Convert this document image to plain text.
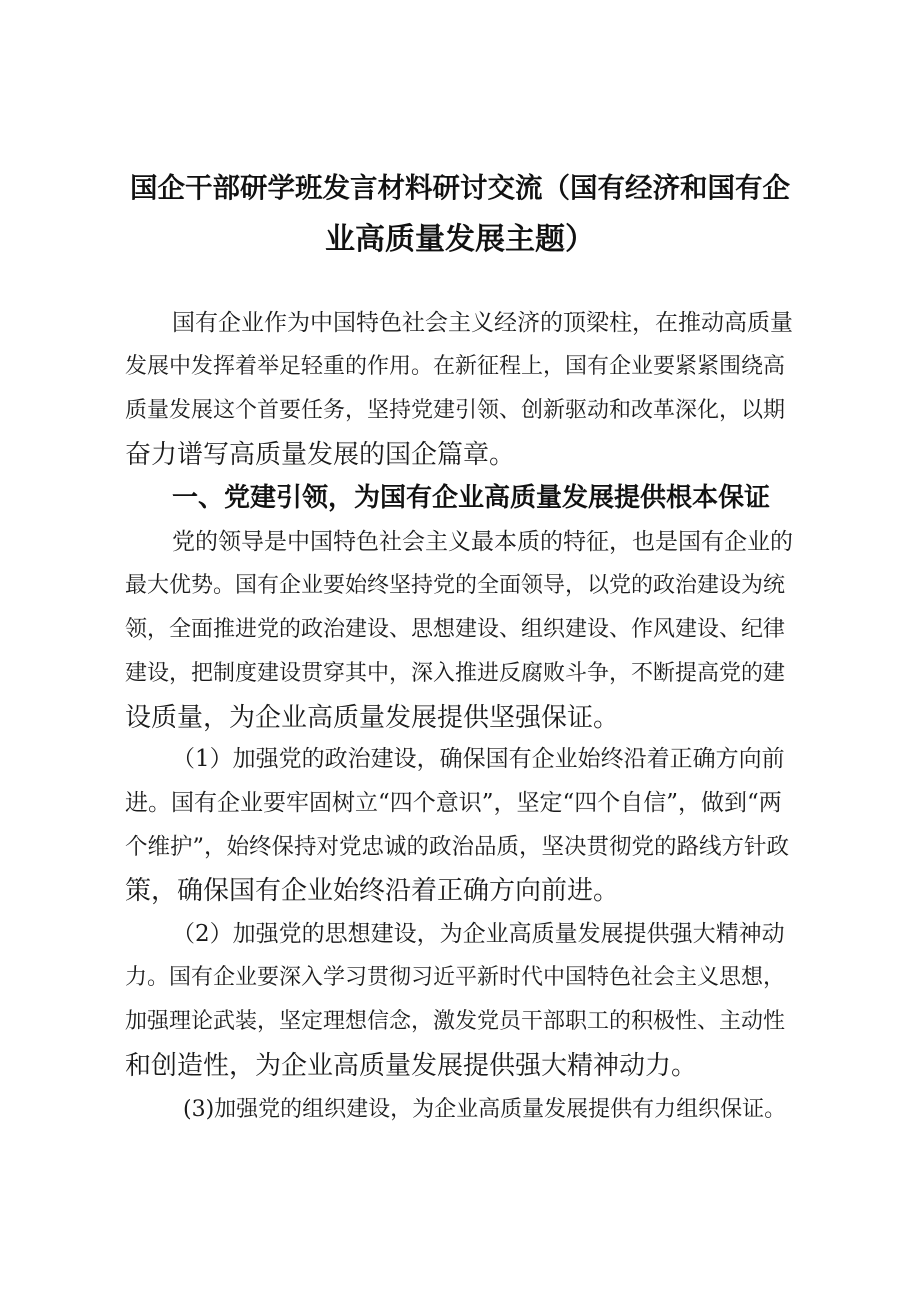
国企干部研学班发言材料研讨交流（国有经济和国有企
业高质量发展主题）
国有企业作为中国特色社会主义经济的顶梁柱，在推动高质量
发展中发挥着举足轻重的作用。在新征程上，国有企业要紧紧围绕高
质量发展这个首要任务，坚持党建引领、创新驱动和改革深化，以期
奋力谱写高质量发展的国企篇章。
一、党建引领，为国有企业高质量发展提供根本保证
党的领导是中国特色社会主义最本质的特征，也是国有企业的
最大优势。国有企业要始终坚持党的全面领导，以党的政治建设为统
领，全面推进党的政治建设、思想建设、组织建设、作风建设、纪律
建设，把制度建设贯穿其中，深入推进反腐败斗争，不断提高党的建
设质量，为企业高质量发展提供坚强保证。
（1）加强党的政治建设，确保国有企业始终沿着正确方向前
进。国有企业要牢固树立“四个意识”，坚定“四个自信”，做到“两
个维护”，始终保持对党忠诚的政治品质，坚决贯彻党的路线方针政
策，确保国有企业始终沿着正确方向前进。
（2）加强党的思想建设，为企业高质量发展提供强大精神动
力。国有企业要深入学习贯彻习近平新时代中国特色社会主义思想，
加强理论武装，坚定理想信念，激发党员干部职工的积极性、主动性
和创造性，为企业高质量发展提供强大精神动力。
(3)加强党的组织建设，为企业高质量发展提供有力组织保证。
